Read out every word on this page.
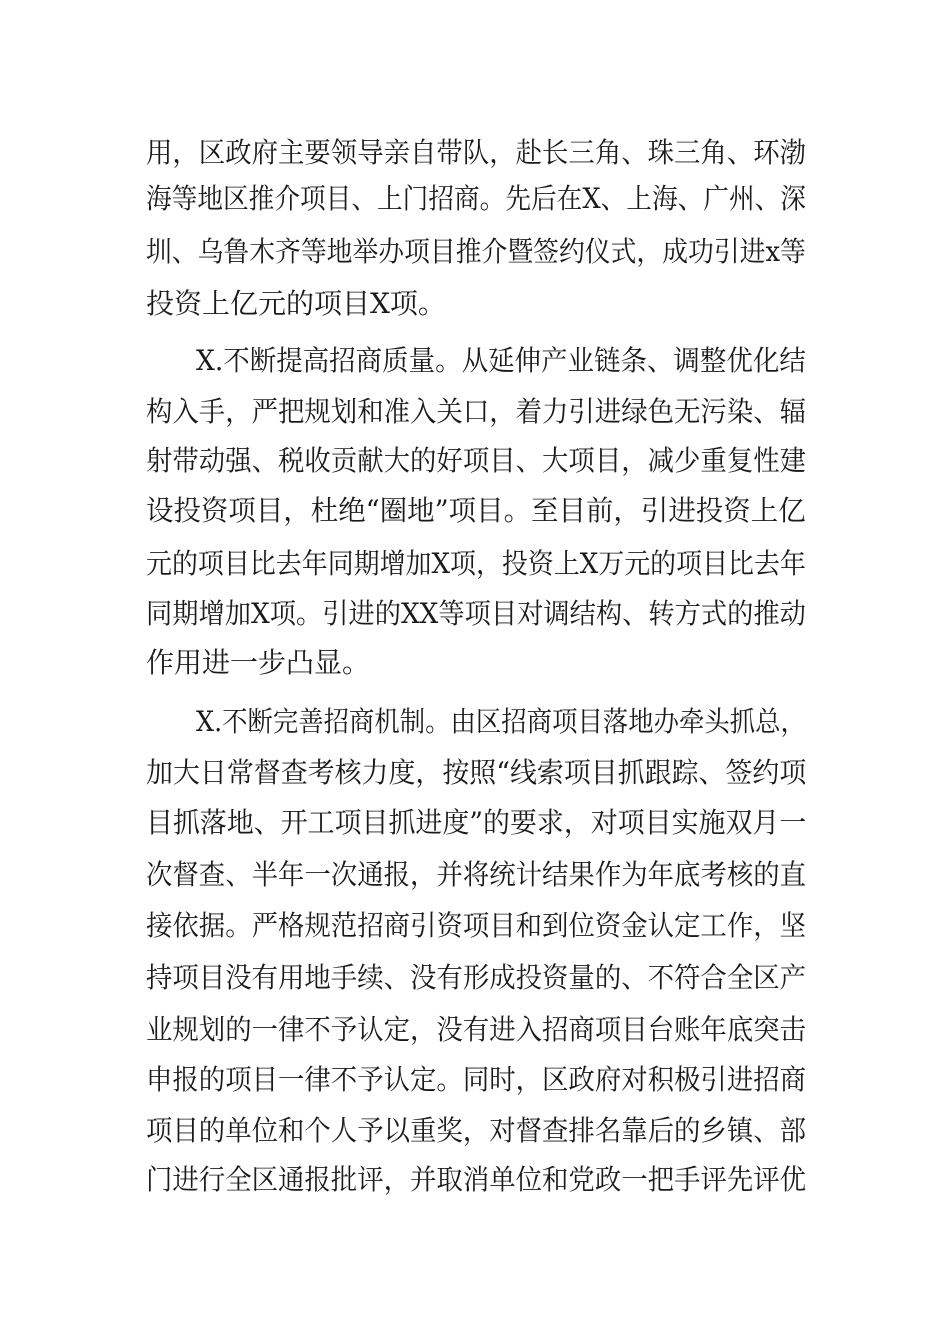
用，区政府主要领导亲自带队，赴长三角、珠三角、环渤
海等地区推介项目、上门招商。先后在X、上海、广州、深
圳、乌鲁木齐等地举办项目推介暨签约仪式，成功引进x等
投资上亿元的项目X项。
X.不断提高招商质量。从延伸产业链条、调整优化结
构入手，严把规划和准入关口，着力引进绿色无污染、辐
射带动强、税收贡献大的好项目、大项目，减少重复性建
设投资项目，杜绝“圈地”项目。至目前，引进投资上亿
元的项目比去年同期增加X项，投资上X万元的项目比去年
同期增加X项。引进的XX等项目对调结构、转方式的推动
作用进一步凸显。
X.不断完善招商机制。由区招商项目落地办牵头抓总，
加大日常督查考核力度，按照“线索项目抓跟踪、签约项
目抓落地、开工项目抓进度”的要求，对项目实施双月一
次督查、半年一次通报，并将统计结果作为年底考核的直
接依据。严格规范招商引资项目和到位资金认定工作，坚
持项目没有用地手续、没有形成投资量的、不符合全区产
业规划的一律不予认定，没有进入招商项目台账年底突击
申报的项目一律不予认定。同时，区政府对积极引进招商
项目的单位和个人予以重奖，对督查排名靠后的乡镇、部
门进行全区通报批评，并取消单位和党政一把手评先评优
